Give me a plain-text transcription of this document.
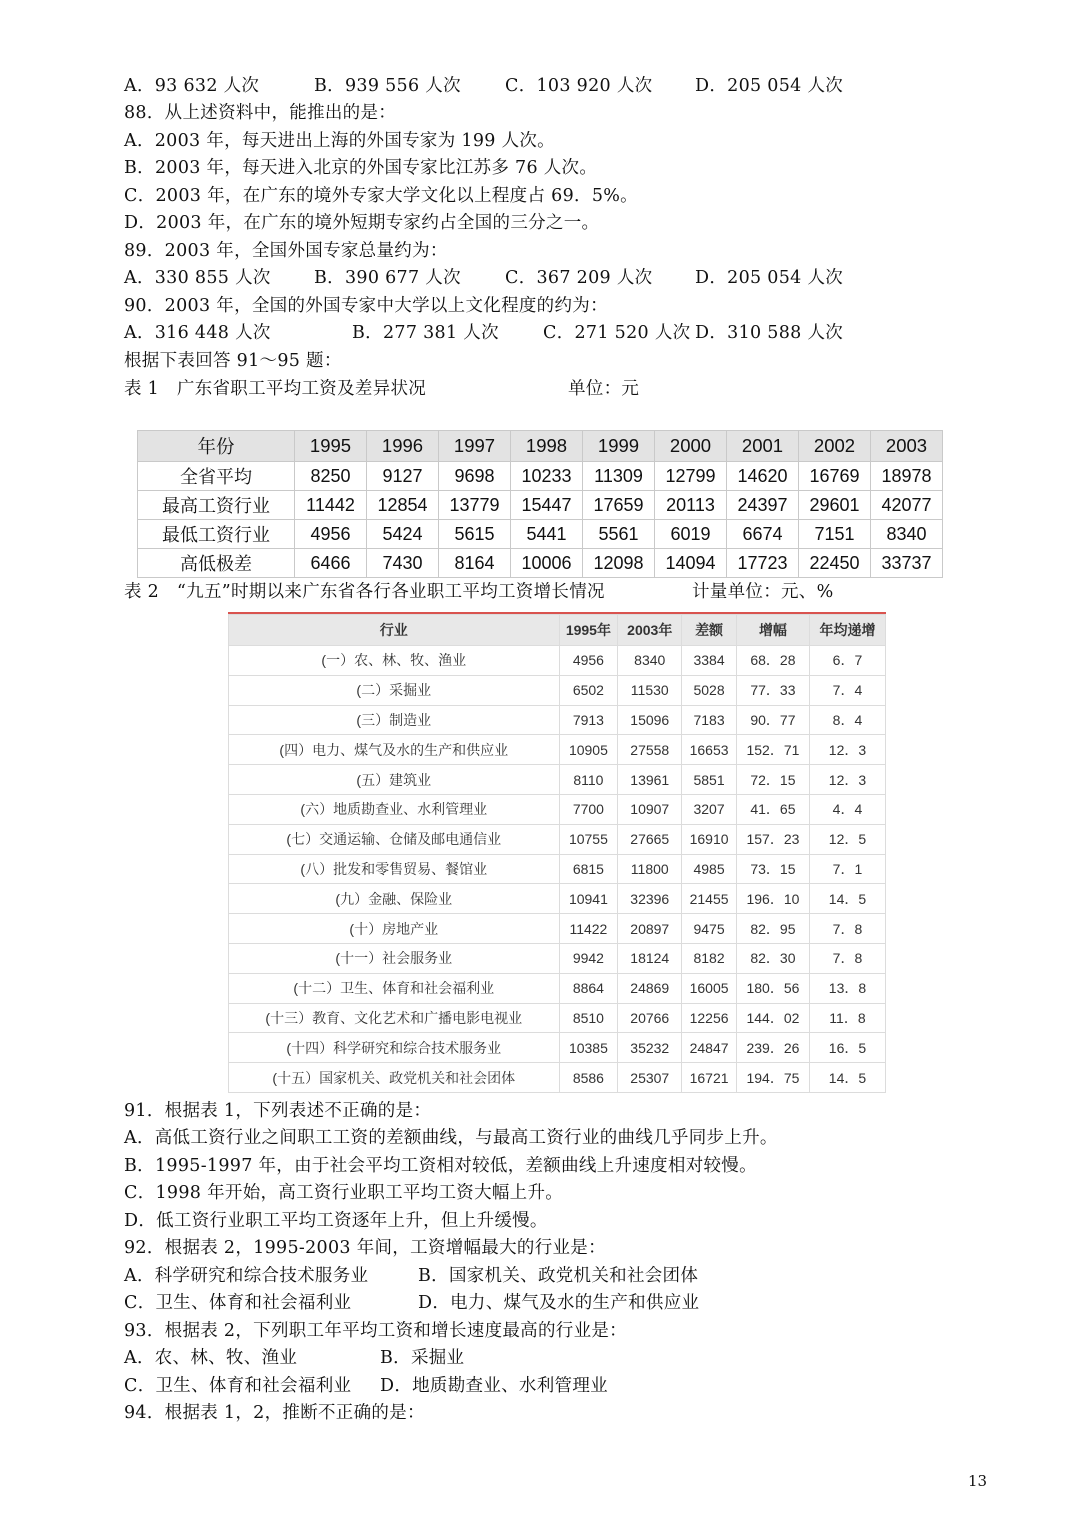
A．93 632 人次	B．939 556 人次	C．103 920 人次 D．205 054 人次
88．从上述资料中，能推出的是：
A．2003 年，每天进出上海的外国专家为 199 人次。
B．2003 年，每天进入北京的外国专家比江苏多 76 人次。
C．2003 年，在广东的境外专家大学文化以上程度占 69．5%。
D．2003 年，在广东的境外短期专家约占全国的三分之一。
89．2003 年，全国外国专家总量约为：
A．330 855 人次 B．390 677 人次	C．367 209 人次 D．205 054 人次
90．2003 年，全国的外国专家中大学以上文化程度的约为：
A．316 448 人次	B．277 381 人次	C．271 520 人次 D．310 588 人次
根据下表回答 91～95 题：
表 1　广东省职工平均工资及差异状况	单位：元
年份	1995	1996	1997	1998	1999	2000	2001	2002	2003
全省平均	8250	9127	9698	10233	11309	12799	14620	16769	18978
最高工资行业	11442	12854	13779	15447	17659	20113	24397	29601	42077
最低工资行业	4956	5424	5615	5441	5561	6019	6674	7151	8340
高低极差	6466	7430	8164	10006	12098	14094	17723	22450	33737
表 2　“九五”时期以来广东省各行各业职工平均工资增长情况	计量单位：元、%
行业	1995年	2003年	差额	增幅	年均递增
(一）农、林、牧、渔业	4956	8340	3384	68．28	6．7
(二）采掘业	6502	11530	5028	77．33	7．4
(三）制造业	7913	15096	7183	90．77	8．4
(四）电力、煤气及水的生产和供应业	10905	27558	16653	152．71	12．3
(五）建筑业	8110	13961	5851	72．15	12．3
(六）地质勘查业、水利管理业	7700	10907	3207	41．65	4．4
(七）交通运输、仓储及邮电通信业	10755	27665	16910	157．23	12．5
(八）批发和零售贸易、餐馆业	6815	11800	4985	73．15	7．1
(九）金融、保险业	10941	32396	21455	196．10	14．5
(十）房地产业	11422	20897	9475	82．95	7．8
(十一）社会服务业	9942	18124	8182	82．30	7．8
(十二）卫生、体育和社会福利业	8864	24869	16005	180．56	13．8
(十三）教育、文化艺术和广播电影电视业	8510	20766	12256	144．02	11．8
(十四）科学研究和综合技术服务业	10385	35232	24847	239．26	16．5
(十五）国家机关、政党机关和社会团体	8586	25307	16721	194．75	14．5
91．根据表 1，下列表述不正确的是：
A．高低工资行业之间职工工资的差额曲线，与最高工资行业的曲线几乎同步上升。
B．1995-1997 年，由于社会平均工资相对较低，差额曲线上升速度相对较慢。
C．1998 年开始，高工资行业职工平均工资大幅上升。
D．低工资行业职工平均工资逐年上升，但上升缓慢。
92．根据表 2，1995-2003 年间，工资增幅最大的行业是：
A．科学研究和综合技术服务业	B．国家机关、政党机关和社会团体
C．卫生、体育和社会福利业	D．电力、煤气及水的生产和供应业
93．根据表 2，下列职工年平均工资和增长速度最高的行业是：
A．农、林、牧、渔业	B．采掘业
C．卫生、体育和社会福利业 D．地质勘查业、水利管理业
94．根据表 1，2，推断不正确的是：
13
